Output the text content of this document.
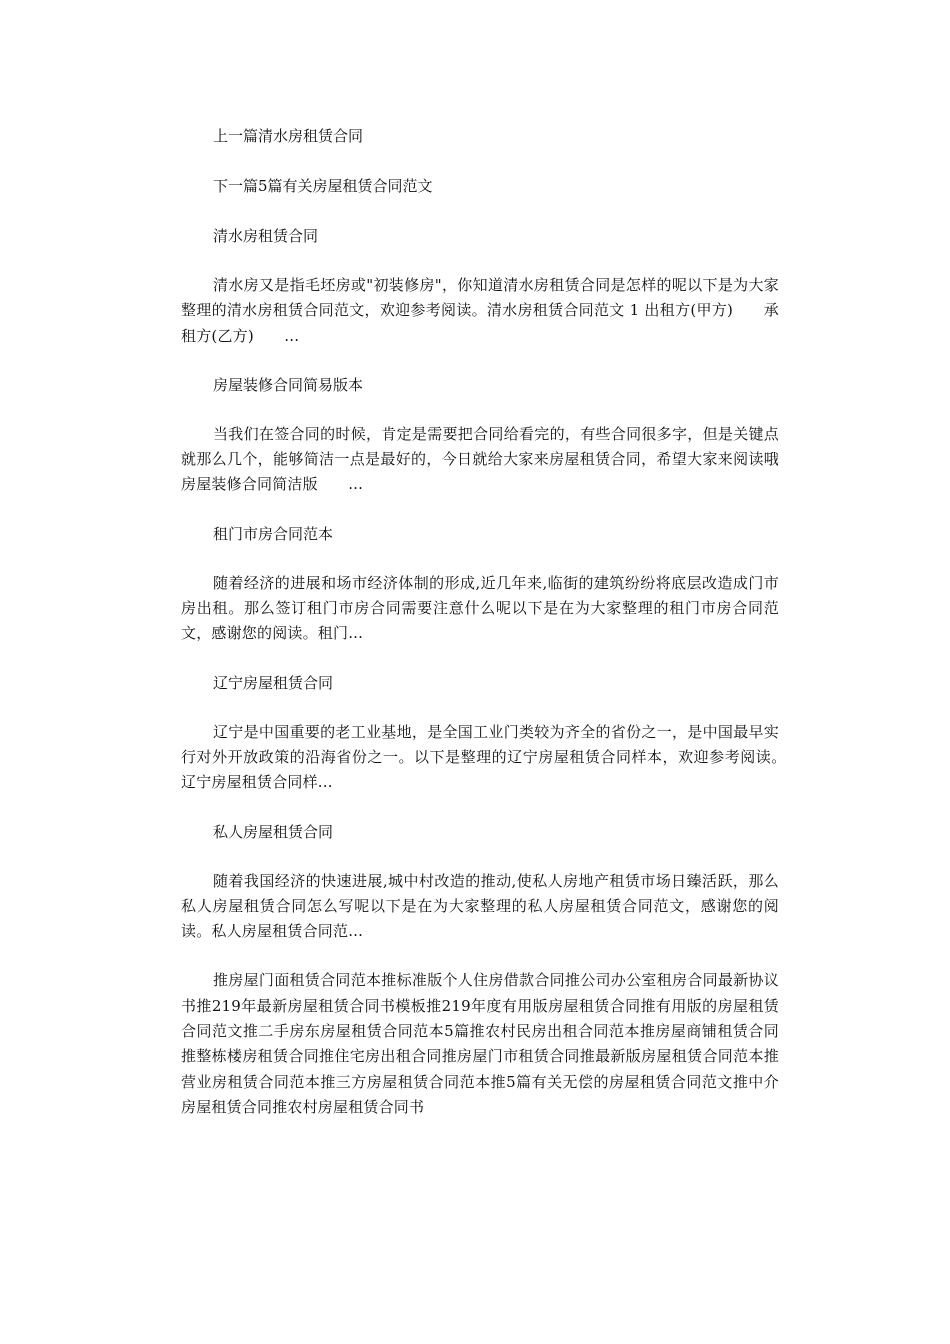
上一篇清水房租赁合同

下一篇5篇有关房屋租赁合同范文

清水房租赁合同

清水房又是指毛坯房或"初装修房"，你知道清水房租赁合同是怎样的呢以下是为大家整理的清水房租赁合同范文，欢迎参考阅读。清水房租赁合同范文 1 出租方(甲方)　　承租方(乙方)　　...

房屋装修合同简易版本

当我们在签合同的时候，肯定是需要把合同给看完的，有些合同很多字，但是关键点就那么几个，能够简洁一点是最好的，今日就给大家来房屋租赁合同，希望大家来阅读哦　　房屋装修合同简洁版　　...

租门市房合同范本

随着经济的进展和场市经济体制的形成,近几年来,临街的建筑纷纷将底层改造成门市房出租。那么签订租门市房合同需要注意什么呢以下是在为大家整理的租门市房合同范文，感谢您的阅读。租门...

辽宁房屋租赁合同

辽宁是中国重要的老工业基地，是全国工业门类较为齐全的省份之一，是中国最早实行对外开放政策的沿海省份之一。以下是整理的辽宁房屋租赁合同样本，欢迎参考阅读。　　辽宁房屋租赁合同样...

私人房屋租赁合同

随着我国经济的快速进展,城中村改造的推动,使私人房地产租赁市场日臻活跃，那么私人房屋租赁合同怎么写呢以下是在为大家整理的私人房屋租赁合同范文，感谢您的阅读。私人房屋租赁合同范...

推房屋门面租赁合同范本推标准版个人住房借款合同推公司办公室租房合同最新协议书推219年最新房屋租赁合同书模板推219年度有用版房屋租赁合同推有用版的房屋租赁合同范文推二手房东房屋租赁合同范本5篇推农村民房出租合同范本推房屋商铺租赁合同推整栋楼房租赁合同推住宅房出租合同推房屋门市租赁合同推最新版房屋租赁合同范本推营业房租赁合同范本推三方房屋租赁合同范本推5篇有关无偿的房屋租赁合同范文推中介房屋租赁合同推农村房屋租赁合同书
